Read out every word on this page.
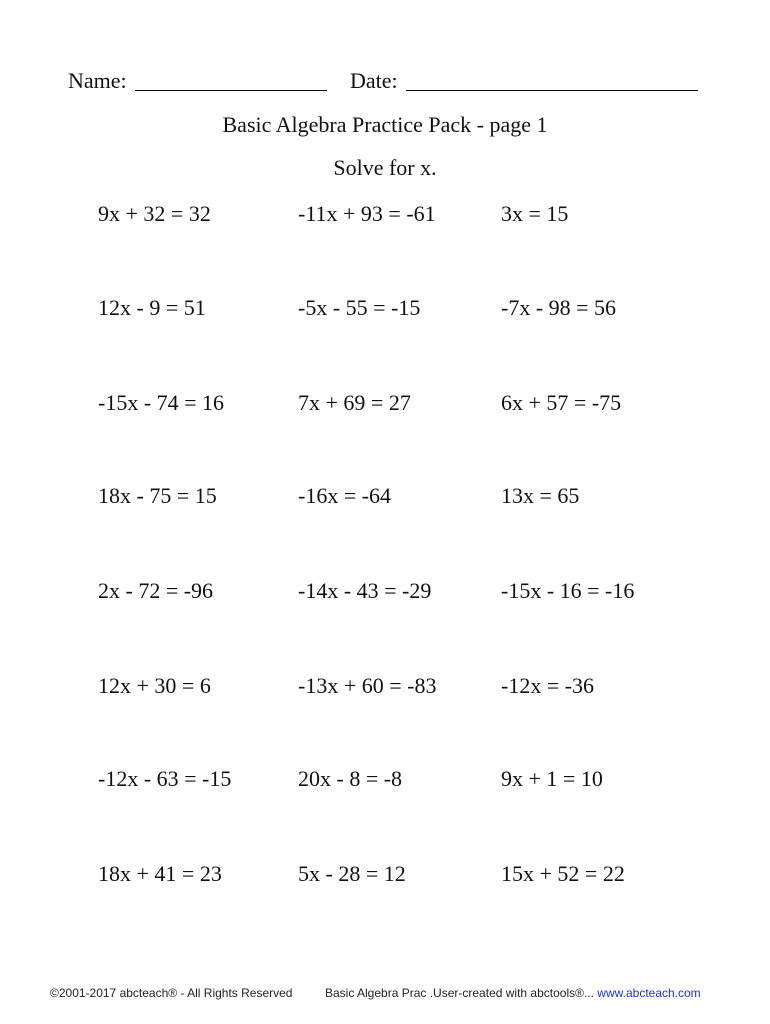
Name:	Date:
Basic Algebra Practice Pack - page 1
Solve for x.
9x + 32 = 32	-11x + 93 = -61	3x = 15
12x - 9 = 51	-5x - 55 = -15	-7x - 98 = 56
-15x - 74 = 16	7x + 69 = 27	6x + 57 = -75
18x - 75 = 15	-16x = -64	13x = 65
2x - 72 = -96	-14x - 43 = -29	-15x - 16 = -16
12x + 30 = 6	-13x + 60 = -83	-12x = -36
-12x - 63 = -15	20x - 8 = -8	9x + 1 = 10
18x + 41 = 23	5x - 28 = 12	15x + 52 = 22
©2001-2017 abcteach® - All Rights Reserved	Basic Algebra Prac .User-created with abctools®... www.abcteach.com
